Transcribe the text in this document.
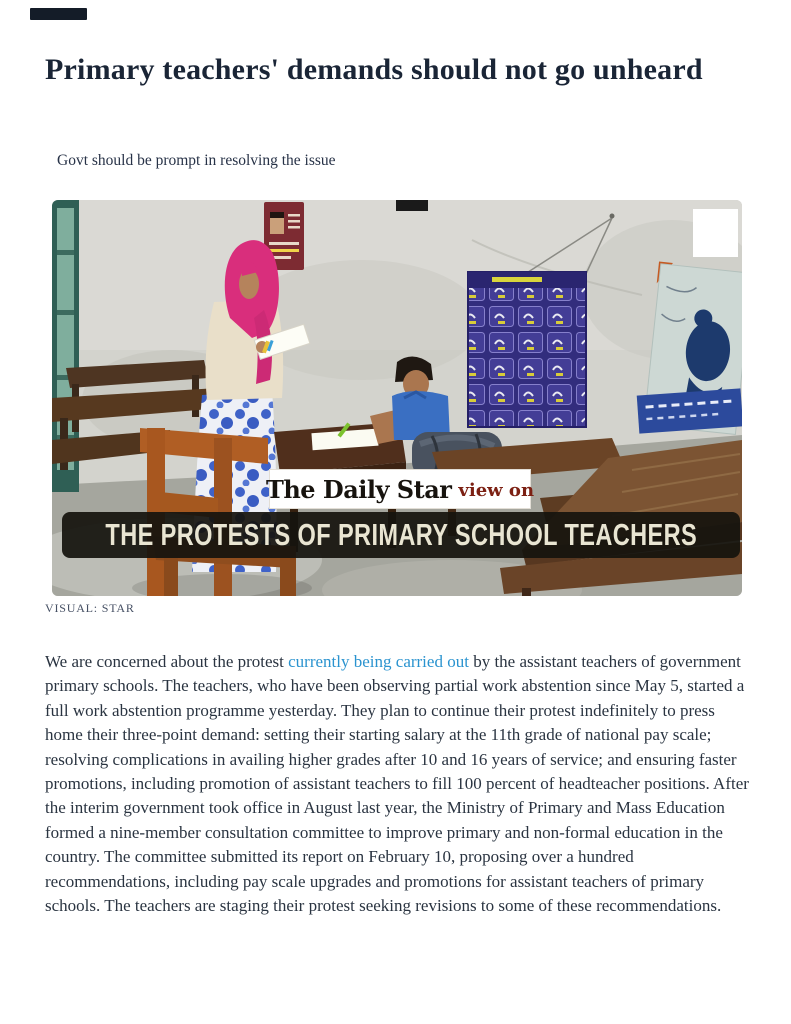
Primary teachers' demands should not go unheard
Govt should be prompt in resolving the issue
The Daily Star view on
THE PROTESTS OF PRIMARY SCHOOL TEACHERS
VISUAL: STAR

We are concerned about the protest currently being carried out by the assistant teachers of government primary schools. The teachers, who have been observing partial work abstention since May 5, started a full work abstention programme yesterday. They plan to continue their protest indefinitely to press home their three-point demand: setting their starting salary at the 11th grade of national pay scale; resolving complications in availing higher grades after 10 and 16 years of service; and ensuring faster promotions, including promotion of assistant teachers to fill 100 percent of headteacher positions. After the interim government took office in August last year, the Ministry of Primary and Mass Education formed a nine-member consultation committee to improve primary and non-formal education in the country. The committee submitted its report on February 10, proposing over a hundred recommendations, including pay scale upgrades and promotions for assistant teachers of primary schools. The teachers are staging their protest seeking revisions to some of these recommendations.
